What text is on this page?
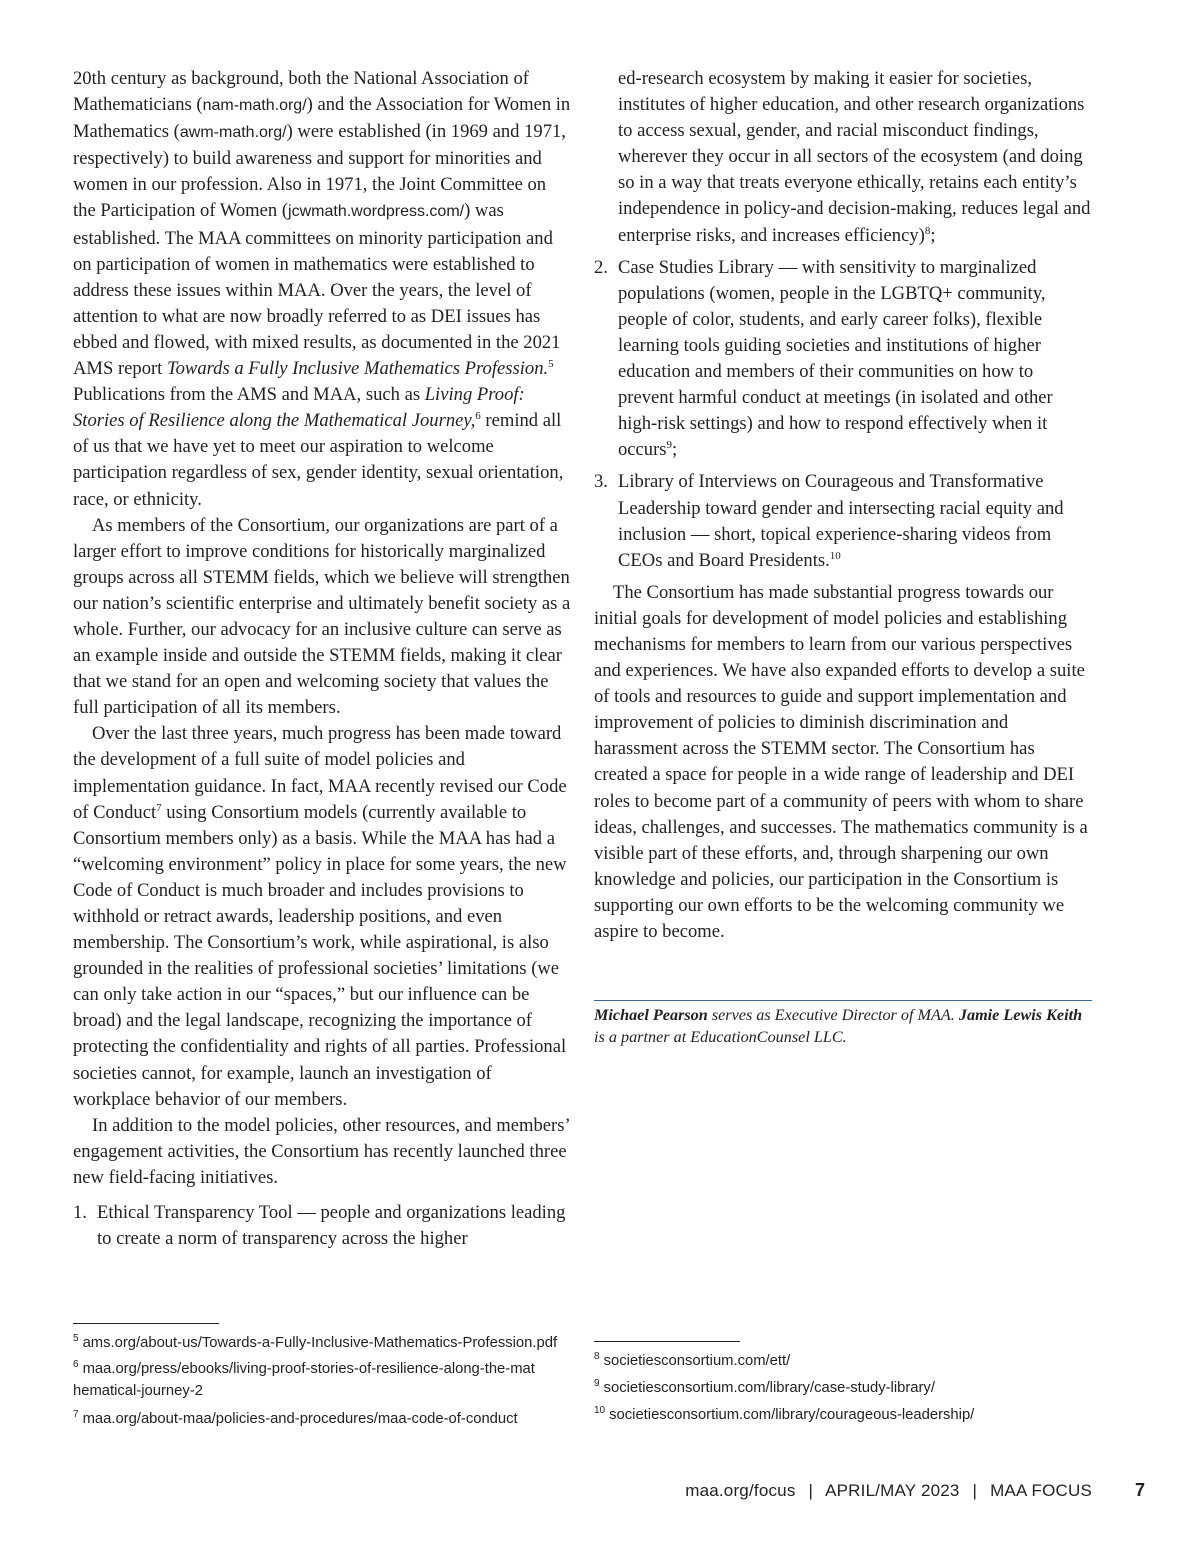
20th century as background, both the National Association of Mathematicians (nam-math.org/) and the Association for Women in Mathematics (awm-math.org/) were established (in 1969 and 1971, respectively) to build awareness and support for minorities and women in our profession. Also in 1971, the Joint Committee on the Participation of Women (jcwmath.wordpress.com/) was established. The MAA committees on minority participation and on participation of women in mathematics were established to address these issues within MAA. Over the years, the level of attention to what are now broadly referred to as DEI issues has ebbed and flowed, with mixed results, as documented in the 2021 AMS report Towards a Fully Inclusive Mathematics Profession.$^5$ Publications from the AMS and MAA, such as Living Proof: Stories of Resilience along the Mathematical Journey,$^6$ remind all of us that we have yet to meet our aspiration to welcome participation regardless of sex, gender identity, sexual orientation, race, or ethnicity.

As members of the Consortium, our organizations are part of a larger effort to improve conditions for historically marginalized groups across all STEMM fields, which we believe will strengthen our nation’s scientific enterprise and ultimately benefit society as a whole. Further, our advocacy for an inclusive culture can serve as an example inside and outside the STEMM fields, making it clear that we stand for an open and welcoming society that values the full participation of all its members.

Over the last three years, much progress has been made toward the development of a full suite of model policies and implementation guidance. In fact, MAA recently revised our Code of Conduct$^7$ using Consortium models (currently available to Consortium members only) as a basis. While the MAA has had a “welcoming environment” policy in place for some years, the new Code of Conduct is much broader and includes provisions to withhold or retract awards, leadership positions, and even membership. The Consortium’s work, while aspirational, is also grounded in the realities of professional societies’ limitations (we can only take action in our “spaces,” but our influence can be broad) and the legal landscape, recognizing the importance of protecting the confidentiality and rights of all parties. Professional societies cannot, for example, launch an investigation of workplace behavior of our members.

In addition to the model policies, other resources, and members’ engagement activities, the Consortium has recently launched three new field-facing initiatives.

1. Ethical Transparency Tool — people and organizations leading to create a norm of transparency across the higher

ed-research ecosystem by making it easier for societies, institutes of higher education, and other research organizations to access sexual, gender, and racial misconduct findings, wherever they occur in all sectors of the ecosystem (and doing so in a way that treats everyone ethically, retains each entity’s independence in policy-and decision-making, reduces legal and enterprise risks, and increases efficiency)$^8$;

2. Case Studies Library — with sensitivity to marginalized populations (women, people in the LGBTQ+ community, people of color, students, and early career folks), flexible learning tools guiding societies and institutions of higher education and members of their communities on how to prevent harmful conduct at meetings (in isolated and other high-risk settings) and how to respond effectively when it occurs$^9$;
3. Library of Interviews on Courageous and Transformative Leadership toward gender and intersecting racial equity and inclusion — short, topical experience-sharing videos from CEOs and Board Presidents.$^{10}$

The Consortium has made substantial progress towards our initial goals for development of model policies and establishing mechanisms for members to learn from our various perspectives and experiences. We have also expanded efforts to develop a suite of tools and resources to guide and support implementation and improvement of policies to diminish discrimination and harassment across the STEMM sector. The Consortium has created a space for people in a wide range of leadership and DEI roles to become part of a community of peers with whom to share ideas, challenges, and successes. The mathematics community is a visible part of these efforts, and, through sharpening our own knowledge and policies, our participation in the Consortium is supporting our own efforts to be the welcoming community we aspire to become.

Michael Pearson serves as Executive Director of MAA. Jamie Lewis Keith is a partner at EducationCounsel LLC.

$^5$ ams.org/about-us/Towards-a-Fully-Inclusive-Mathematics-Profession.pdf
$^6$ maa.org/press/ebooks/living-proof-stories-of-resilience-along-the-mathematical-journey-2
$^7$ maa.org/about-maa/policies-and-procedures/maa-code-of-conduct
$^8$ societiesconsortium.com/ett/
$^9$ societiesconsortium.com/library/case-study-library/
$^{10}$ societiesconsortium.com/library/courageous-leadership/
maa.org/focus | APRIL/MAY 2023 | MAA FOCUS 7
